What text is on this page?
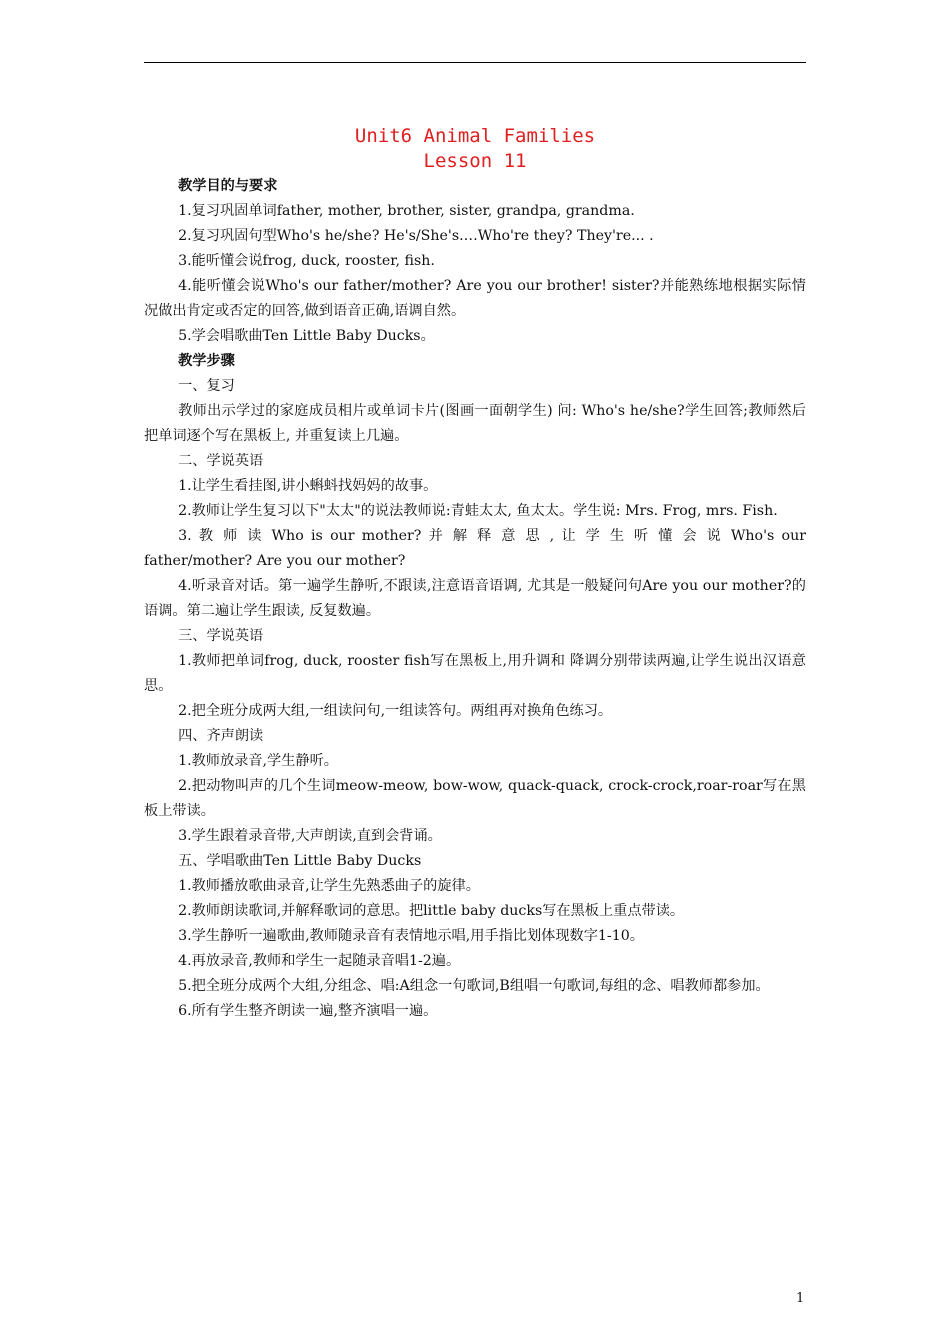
Unit6 Animal Families
Lesson 11

教学目的与要求

1.复习巩固单词father, mother, brother, sister, grandpa, grandma.

2.复习巩固句型Who's he/she? He's/She's.…Who're they? They're... .

3.能听懂会说frog, duck, rooster, fish.

4.能听懂会说Who's our father/mother? Are you our brother! sister?并能熟练地根据实际情况做出肯定或否定的回答,做到语音正确,语调自然。

5.学会唱歌曲Ten Little Baby Ducks。

教学步骤

一、复习

教师出示学过的家庭成员相片或单词卡片(图画一面朝学生) 问: Who's he/she?学生回答;教师然后把单词逐个写在黑板上, 并重复读上几遍。

二、学说英语

1.让学生看挂图,讲小蝌蚪找妈妈的故事。

2.教师让学生复习以下"太太"的说法教师说:青蛙太太, 鱼太太。学生说: Mrs. Frog, mrs. Fish.

3. 教 师 读 Who is our mother? 并 解 释 意 思 , 让 学 生 听 懂 会 说 Who's our father/mother? Are you our mother?

4.听录音对话。第一遍学生静听,不跟读,注意语音语调, 尤其是一般疑问句Are you our mother?的语调。第二遍让学生跟读, 反复数遍。

三、学说英语

1.教师把单词frog, duck, rooster fish写在黑板上,用升调和 降调分别带读两遍,让学生说出汉语意思。

2.把全班分成两大组,一组读问句,一组读答句。两组再对换角色练习。

四、齐声朗读

1.教师放录音,学生静听。

2.把动物叫声的几个生词meow-meow, bow-wow, quack-quack, crock-crock,roar-roar写在黑板上带读。

3.学生跟着录音带,大声朗读,直到会背诵。

五、学唱歌曲Ten Little Baby Ducks

1.教师播放歌曲录音,让学生先熟悉曲子的旋律。

2.教师朗读歌词,并解释歌词的意思。把little baby ducks写在黑板上重点带读。

3.学生静听一遍歌曲,教师随录音有表情地示唱,用手指比划体现数字1-10。

4.再放录音,教师和学生一起随录音唱1-2遍。

5.把全班分成两个大组,分组念、唱:A组念一句歌词,B组唱一句歌词,每组的念、唱教师都参加。

6.所有学生整齐朗读一遍,整齐演唱一遍。

1
